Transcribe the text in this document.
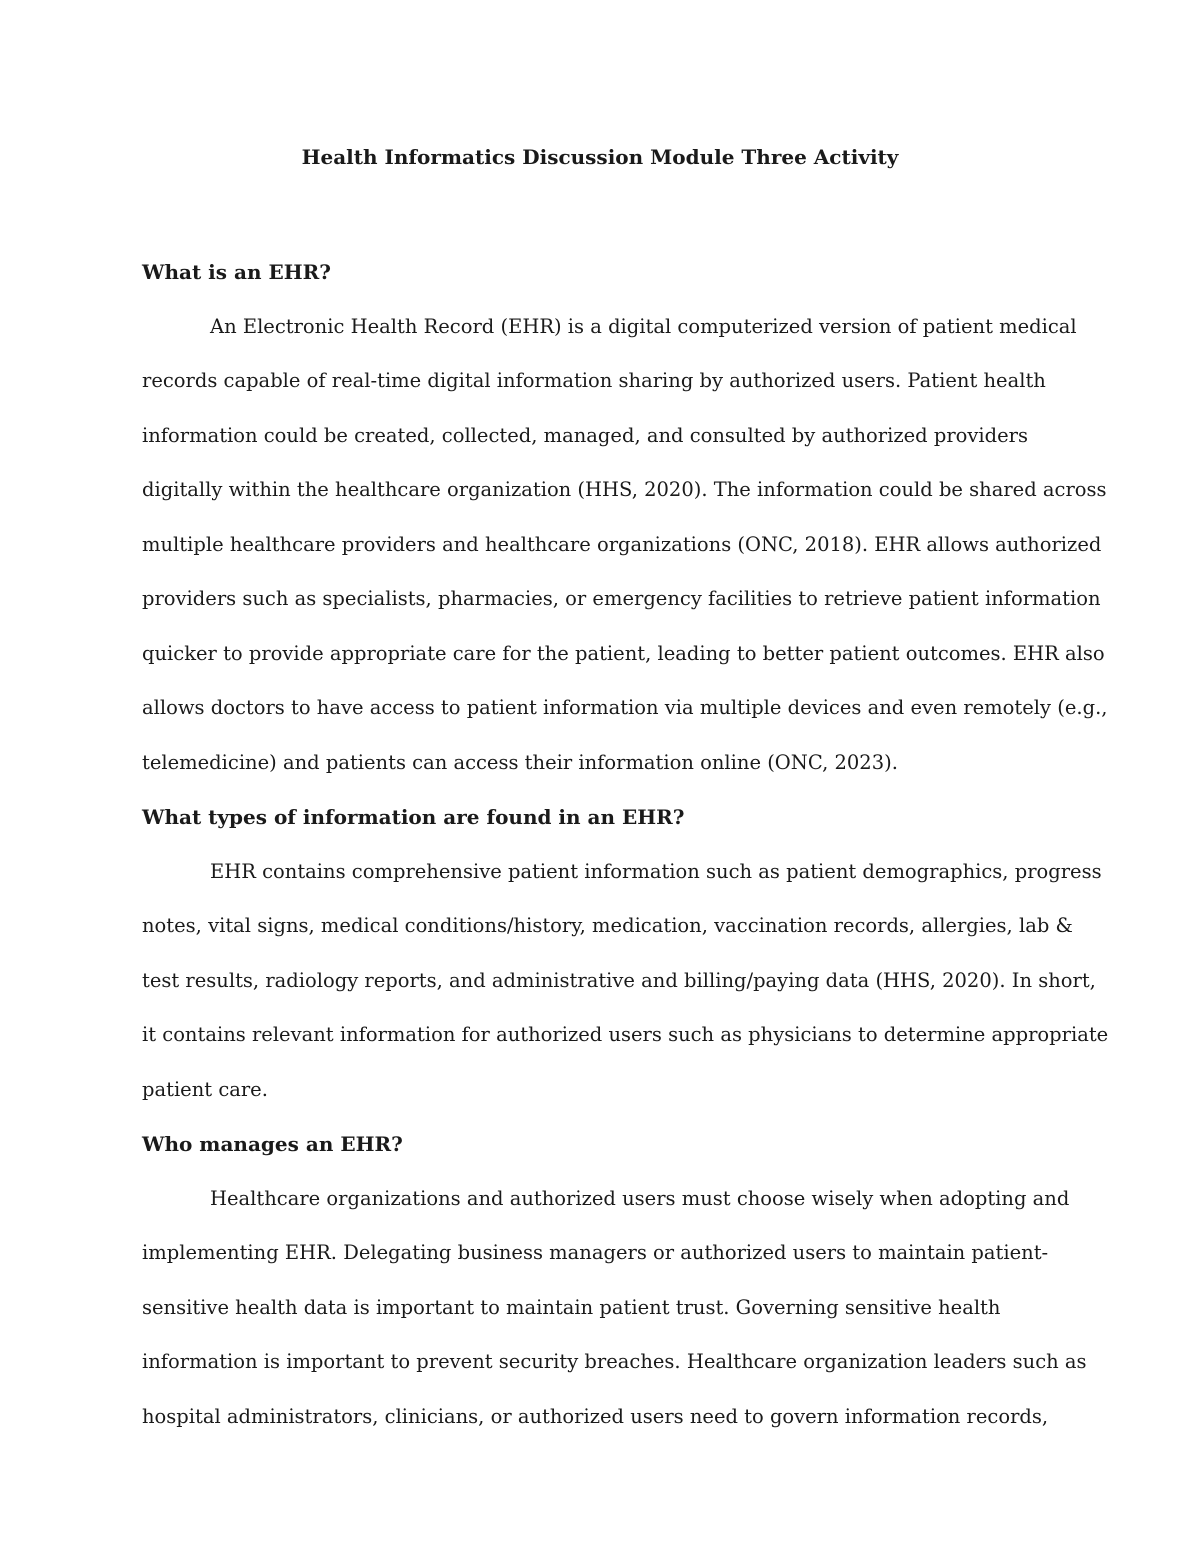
Health Informatics Discussion Module Three Activity
What is an EHR?

An Electronic Health Record (EHR) is a digital computerized version of patient medical
records capable of real-time digital information sharing by authorized users. Patient health
information could be created, collected, managed, and consulted by authorized providers
digitally within the healthcare organization (HHS, 2020). The information could be shared across
multiple healthcare providers and healthcare organizations (ONC, 2018). EHR allows authorized
providers such as specialists, pharmacies, or emergency facilities to retrieve patient information
quicker to provide appropriate care for the patient, leading to better patient outcomes. EHR also
allows doctors to have access to patient information via multiple devices and even remotely (e.g.,
telemedicine) and patients can access their information online (ONC, 2023).

What types of information are found in an EHR?

EHR contains comprehensive patient information such as patient demographics, progress
notes, vital signs, medical conditions/history, medication, vaccination records, allergies, lab &
test results, radiology reports, and administrative and billing/paying data (HHS, 2020). In short,
it contains relevant information for authorized users such as physicians to determine appropriate
patient care.

Who manages an EHR?

Healthcare organizations and authorized users must choose wisely when adopting and
implementing EHR. Delegating business managers or authorized users to maintain patient-
sensitive health data is important to maintain patient trust. Governing sensitive health
information is important to prevent security breaches. Healthcare organization leaders such as
hospital administrators, clinicians, or authorized users need to govern information records,
